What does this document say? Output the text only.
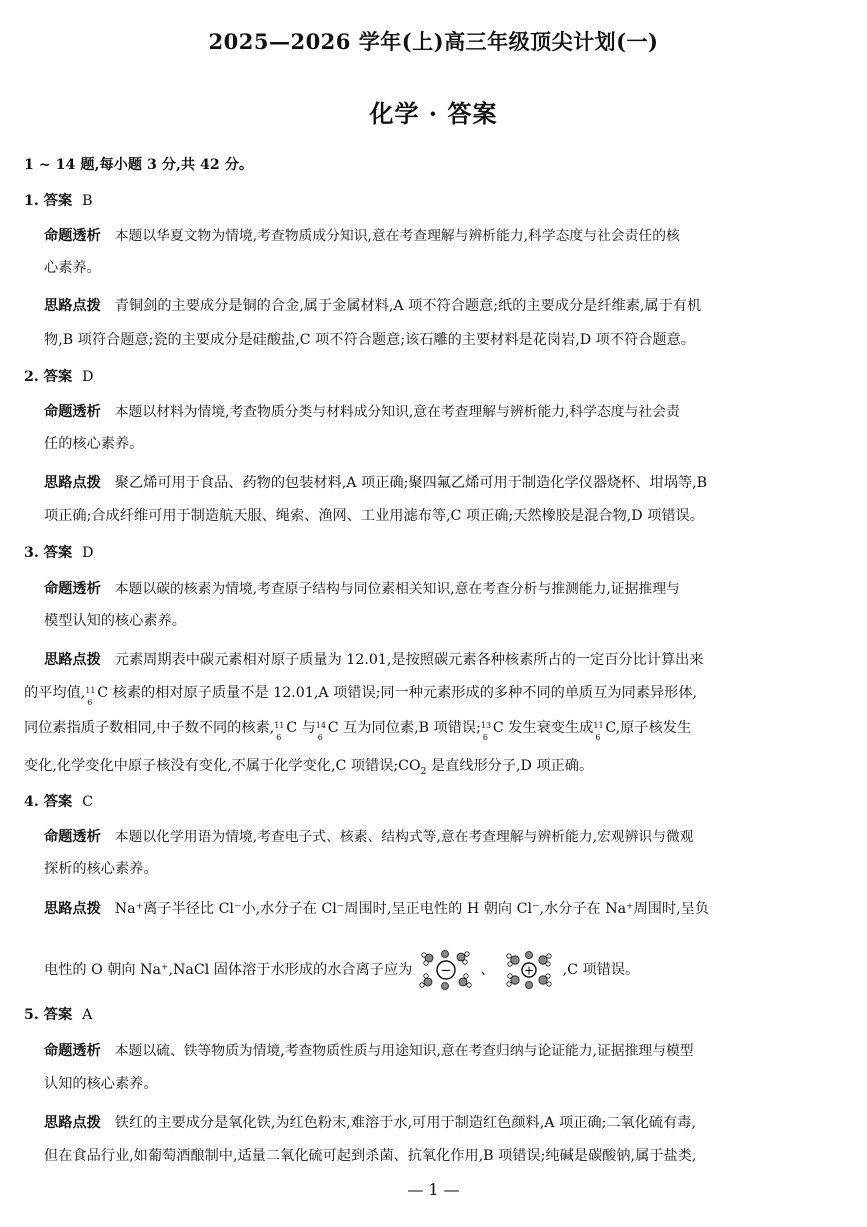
2025—2026 学年(上)高三年级顶尖计划(一)
化学 · 答案
1 ~ 14 题,每小题 3 分,共 42 分。
1. 答案 B
命题透析 本题以华夏文物为情境,考查物质成分知识,意在考查理解与辨析能力,科学态度与社会责任的核
心素养。
思路点拨 青铜剑的主要成分是铜的合金,属于金属材料,A 项不符合题意;纸的主要成分是纤维素,属于有机
物,B 项符合题意;瓷的主要成分是硅酸盐,C 项不符合题意;该石雕的主要材料是花岗岩,D 项不符合题意。
2. 答案 D
命题透析 本题以材料为情境,考查物质分类与材料成分知识,意在考查理解与辨析能力,科学态度与社会责
任的核心素养。
思路点拨 聚乙烯可用于食品、药物的包装材料,A 项正确;聚四氟乙烯可用于制造化学仪器烧杯、坩埚等,B
项正确;合成纤维可用于制造航天服、绳索、渔网、工业用滤布等,C 项正确;天然橡胶是混合物,D 项错误。
3. 答案 D
命题透析 本题以碳的核素为情境,考查原子结构与同位素相关知识,意在考查分析与推测能力,证据推理与
模型认知的核心素养。
思路点拨 元素周期表中碳元素相对原子质量为 12.01,是按照碳元素各种核素所占的一定百分比计算出来
的平均值, 11
6
C 核素的相对原子质量不是 12.01,A 项错误;同一种元素形成的多种不同的单质互为同素异形体,
同位素指质子数相同,中子数不同的核素, 11
6
C 与 14
6
C 互为同位素,B 项错误; 13
6
C 发生衰变生成 11
6
C,原子核发生
变化,化学变化中原子核没有变化,不属于化学变化,C 项错误$;CO_2$ 是直线形分子,D 项正确。
4. 答案 C
命题透析 本题以化学用语为情境,考查电子式、核素、结构式等,意在考查理解与辨析能力,宏观辨识与微观
探析的核心素养。
思路点拨 Na⁺离子半径比 Cl⁻小,水分子在 Cl⁻周围时,呈正电性的 H 朝向 Cl⁻,水分子在 Na⁺周围时,呈负
电性的 O 朝向 Na⁺,NaCl 固体溶于水形成的水合离子应为 − 、 + ,C 项错误。
5. 答案 A
命题透析 本题以硫、铁等物质为情境,考查物质性质与用途知识,意在考查归纳与论证能力,证据推理与模型
认知的核心素养。
思路点拨 铁红的主要成分是氧化铁,为红色粉末,难溶于水,可用于制造红色颜料,A 项正确;二氧化硫有毒,
但在食品行业,如葡萄酒酿制中,适量二氧化硫可起到杀菌、抗氧化作用,B 项错误;纯碱是碳酸钠,属于盐类,
— 1 —
